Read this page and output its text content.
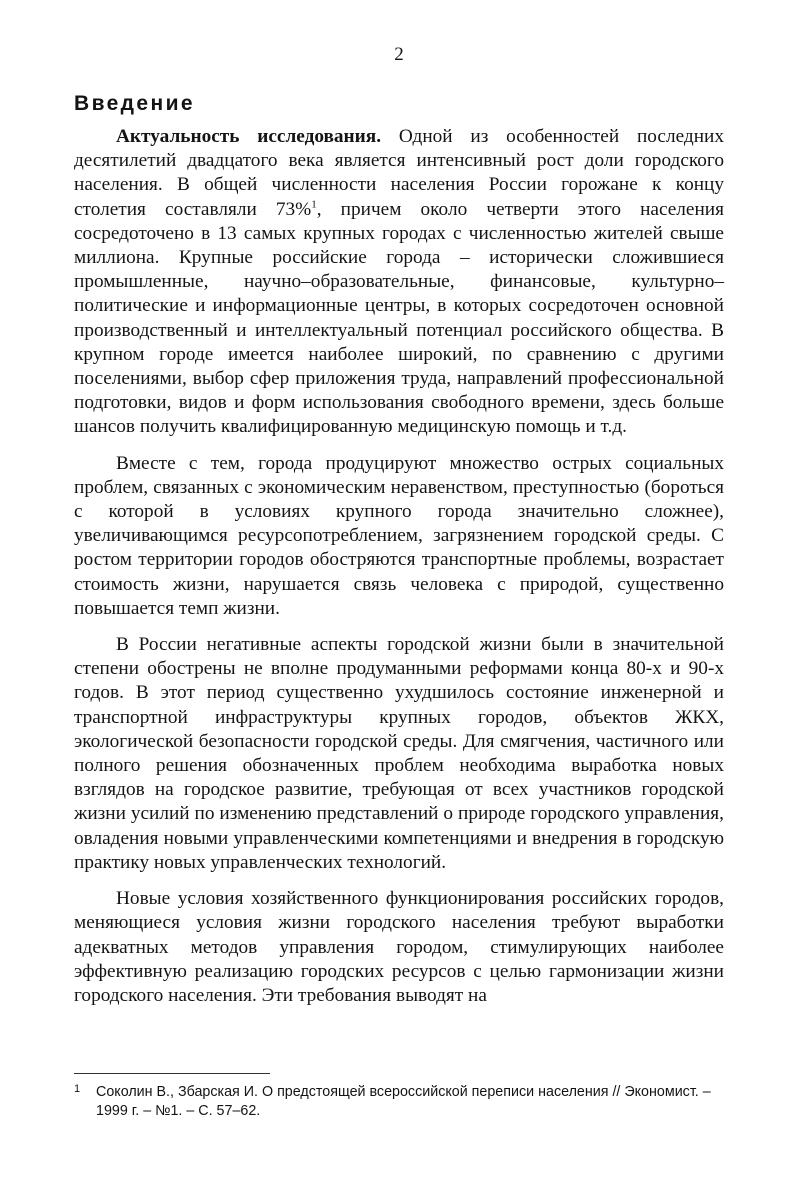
2
Введение

Актуальность исследования. Одной из особенностей последних десятилетий двадцатого века является интенсивный рост доли городского населения. В общей численности населения России горожане к концу столетия составляли 73%$^1$, причем около четверти этого населения сосредоточено в 13 самых крупных городах с численностью жителей свыше миллиона. Крупные российские города – исторически сложившиеся промышленные, научно–образовательные, финансовые, культурно–политические и информационные центры, в которых сосредоточен основной производственный и интеллектуальный потенциал российского общества. В крупном городе имеется наиболее широкий, по сравнению с другими поселениями, выбор сфер приложения труда, направлений профессиональной подготовки, видов и форм использования свободного времени, здесь больше шансов получить квалифицированную медицинскую помощь и т.д.

Вместе с тем, города продуцируют множество острых социальных проблем, связанных с экономическим неравенством, преступностью (бороться с которой в условиях крупного города значительно сложнее), увеличивающимся ресурсопотреблением, загрязнением городской среды. С ростом территории городов обостряются транспортные проблемы, возрастает стоимость жизни, нарушается связь человека с природой, существенно повышается темп жизни.

В России негативные аспекты городской жизни были в значительной степени обострены не вполне продуманными реформами конца 80-х и 90-х годов. В этот период существенно ухудшилось состояние инженерной и транспортной инфраструктуры крупных городов, объектов ЖКХ, экологической безопасности городской среды. Для смягчения, частичного или полного решения обозначенных проблем необходима выработка новых взглядов на городское развитие, требующая от всех участников городской жизни усилий по изменению представлений о природе городского управления, овладения новыми управленческими компетенциями и внедрения в городскую практику новых управленческих технологий.

Новые условия хозяйственного функционирования российских городов, меняющиеся условия жизни городского населения требуют выработки адекватных методов управления городом, стимулирующих наиболее эффективную реализацию городских ресурсов с целью гармонизации жизни городского населения. Эти требования выводят на

1 Соколин В., Збарская И. О предстоящей всероссийской переписи населения // Экономист. – 1999 г. – №1. – С. 57–62.
